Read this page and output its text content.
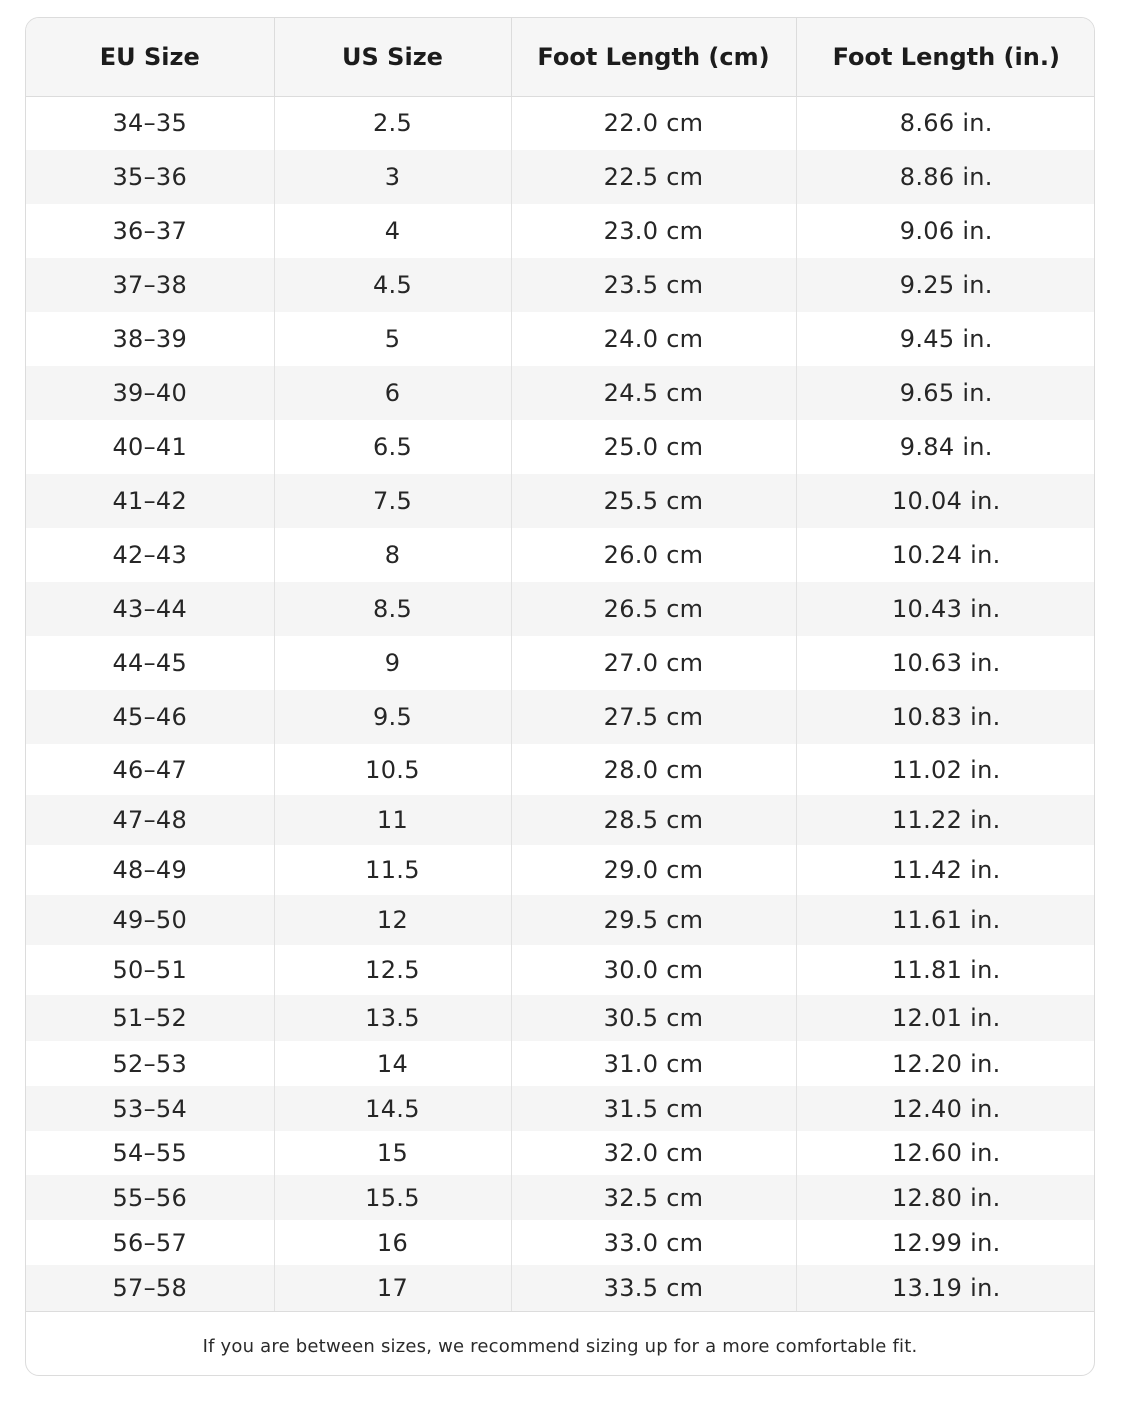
EU Size	US Size	Foot Length (cm)	Foot Length (in.)
34–35	2.5	22.0 cm	8.66 in.
35–36	3	22.5 cm	8.86 in.
36–37	4	23.0 cm	9.06 in.
37–38	4.5	23.5 cm	9.25 in.
38–39	5	24.0 cm	9.45 in.
39–40	6	24.5 cm	9.65 in.
40–41	6.5	25.0 cm	9.84 in.
41–42	7.5	25.5 cm	10.04 in.
42–43	8	26.0 cm	10.24 in.
43–44	8.5	26.5 cm	10.43 in.
44–45	9	27.0 cm	10.63 in.
45–46	9.5	27.5 cm	10.83 in.
46–47	10.5	28.0 cm	11.02 in.
47–48	11	28.5 cm	11.22 in.
48–49	11.5	29.0 cm	11.42 in.
49–50	12	29.5 cm	11.61 in.
50–51	12.5	30.0 cm	11.81 in.
51–52	13.5	30.5 cm	12.01 in.
52–53	14	31.0 cm	12.20 in.
53–54	14.5	31.5 cm	12.40 in.
54–55	15	32.0 cm	12.60 in.
55–56	15.5	32.5 cm	12.80 in.
56–57	16	33.0 cm	12.99 in.
57–58	17	33.5 cm	13.19 in.
If you are between sizes, we recommend sizing up for a more comfortable fit.
